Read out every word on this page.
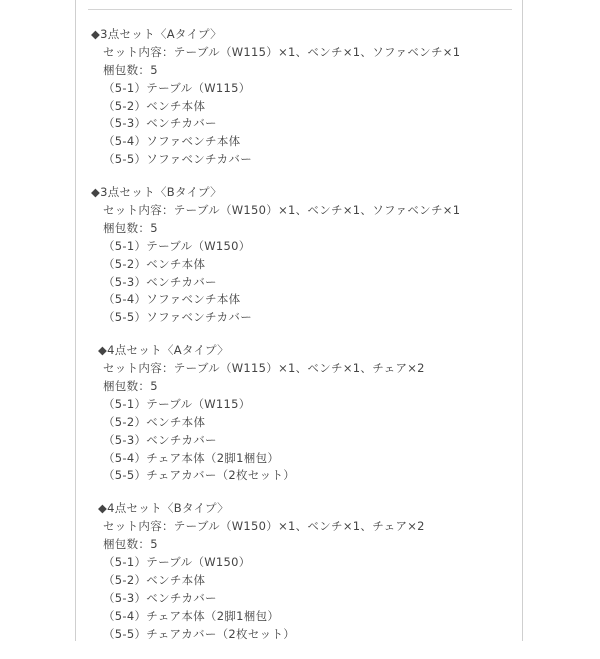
◆3点セット〈Aタイプ〉
セット内容：テーブル（W115）×1、ベンチ×1、ソファベンチ×1
梱包数：5
（5-1）テーブル（W115）
（5-2）ベンチ本体
（5-3）ベンチカバー
（5-4）ソファベンチ本体
（5-5）ソファベンチカバー
◆3点セット〈Bタイプ〉
セット内容：テーブル（W150）×1、ベンチ×1、ソファベンチ×1
梱包数：5
（5-1）テーブル（W150）
（5-2）ベンチ本体
（5-3）ベンチカバー
（5-4）ソファベンチ本体
（5-5）ソファベンチカバー
◆4点セット〈Aタイプ〉
セット内容：テーブル（W115）×1、ベンチ×1、チェア×2
梱包数：5
（5-1）テーブル（W115）
（5-2）ベンチ本体
（5-3）ベンチカバー
（5-4）チェア本体（2脚1梱包）
（5-5）チェアカバー（2枚セット）
◆4点セット〈Bタイプ〉
セット内容：テーブル（W150）×1、ベンチ×1、チェア×2
梱包数：5
（5-1）テーブル（W150）
（5-2）ベンチ本体
（5-3）ベンチカバー
（5-4）チェア本体（2脚1梱包）
（5-5）チェアカバー（2枚セット）
